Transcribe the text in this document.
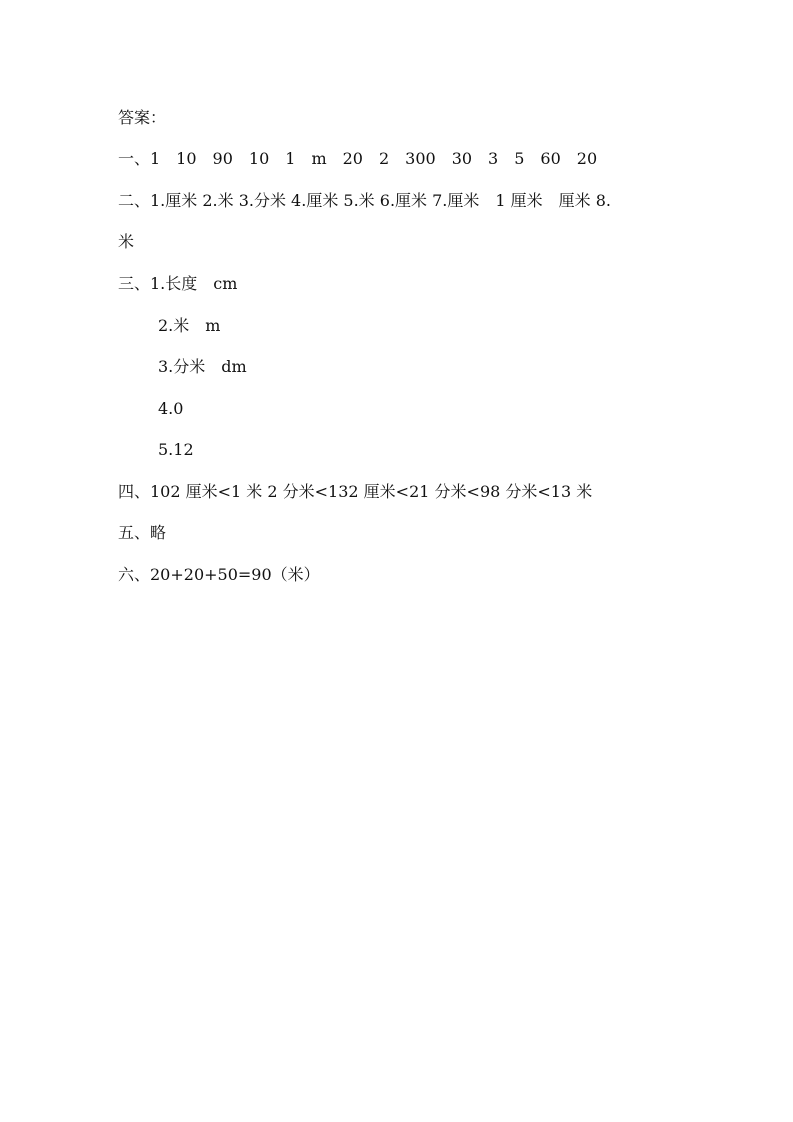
答案：
一、1　10　90　10　1　m　20　2　300　30　3　5　60　20
二、1.厘米 2.米 3.分米 4.厘米 5.米 6.厘米 7.厘米　1 厘米　厘米 8.
米
三、1.长度　cm
2.米　m
3.分米　dm
4.0
5.12
四、102 厘米<1 米 2 分米<132 厘米<21 分米<98 分米<13 米
五、略
六、20+20+50=90（米）
